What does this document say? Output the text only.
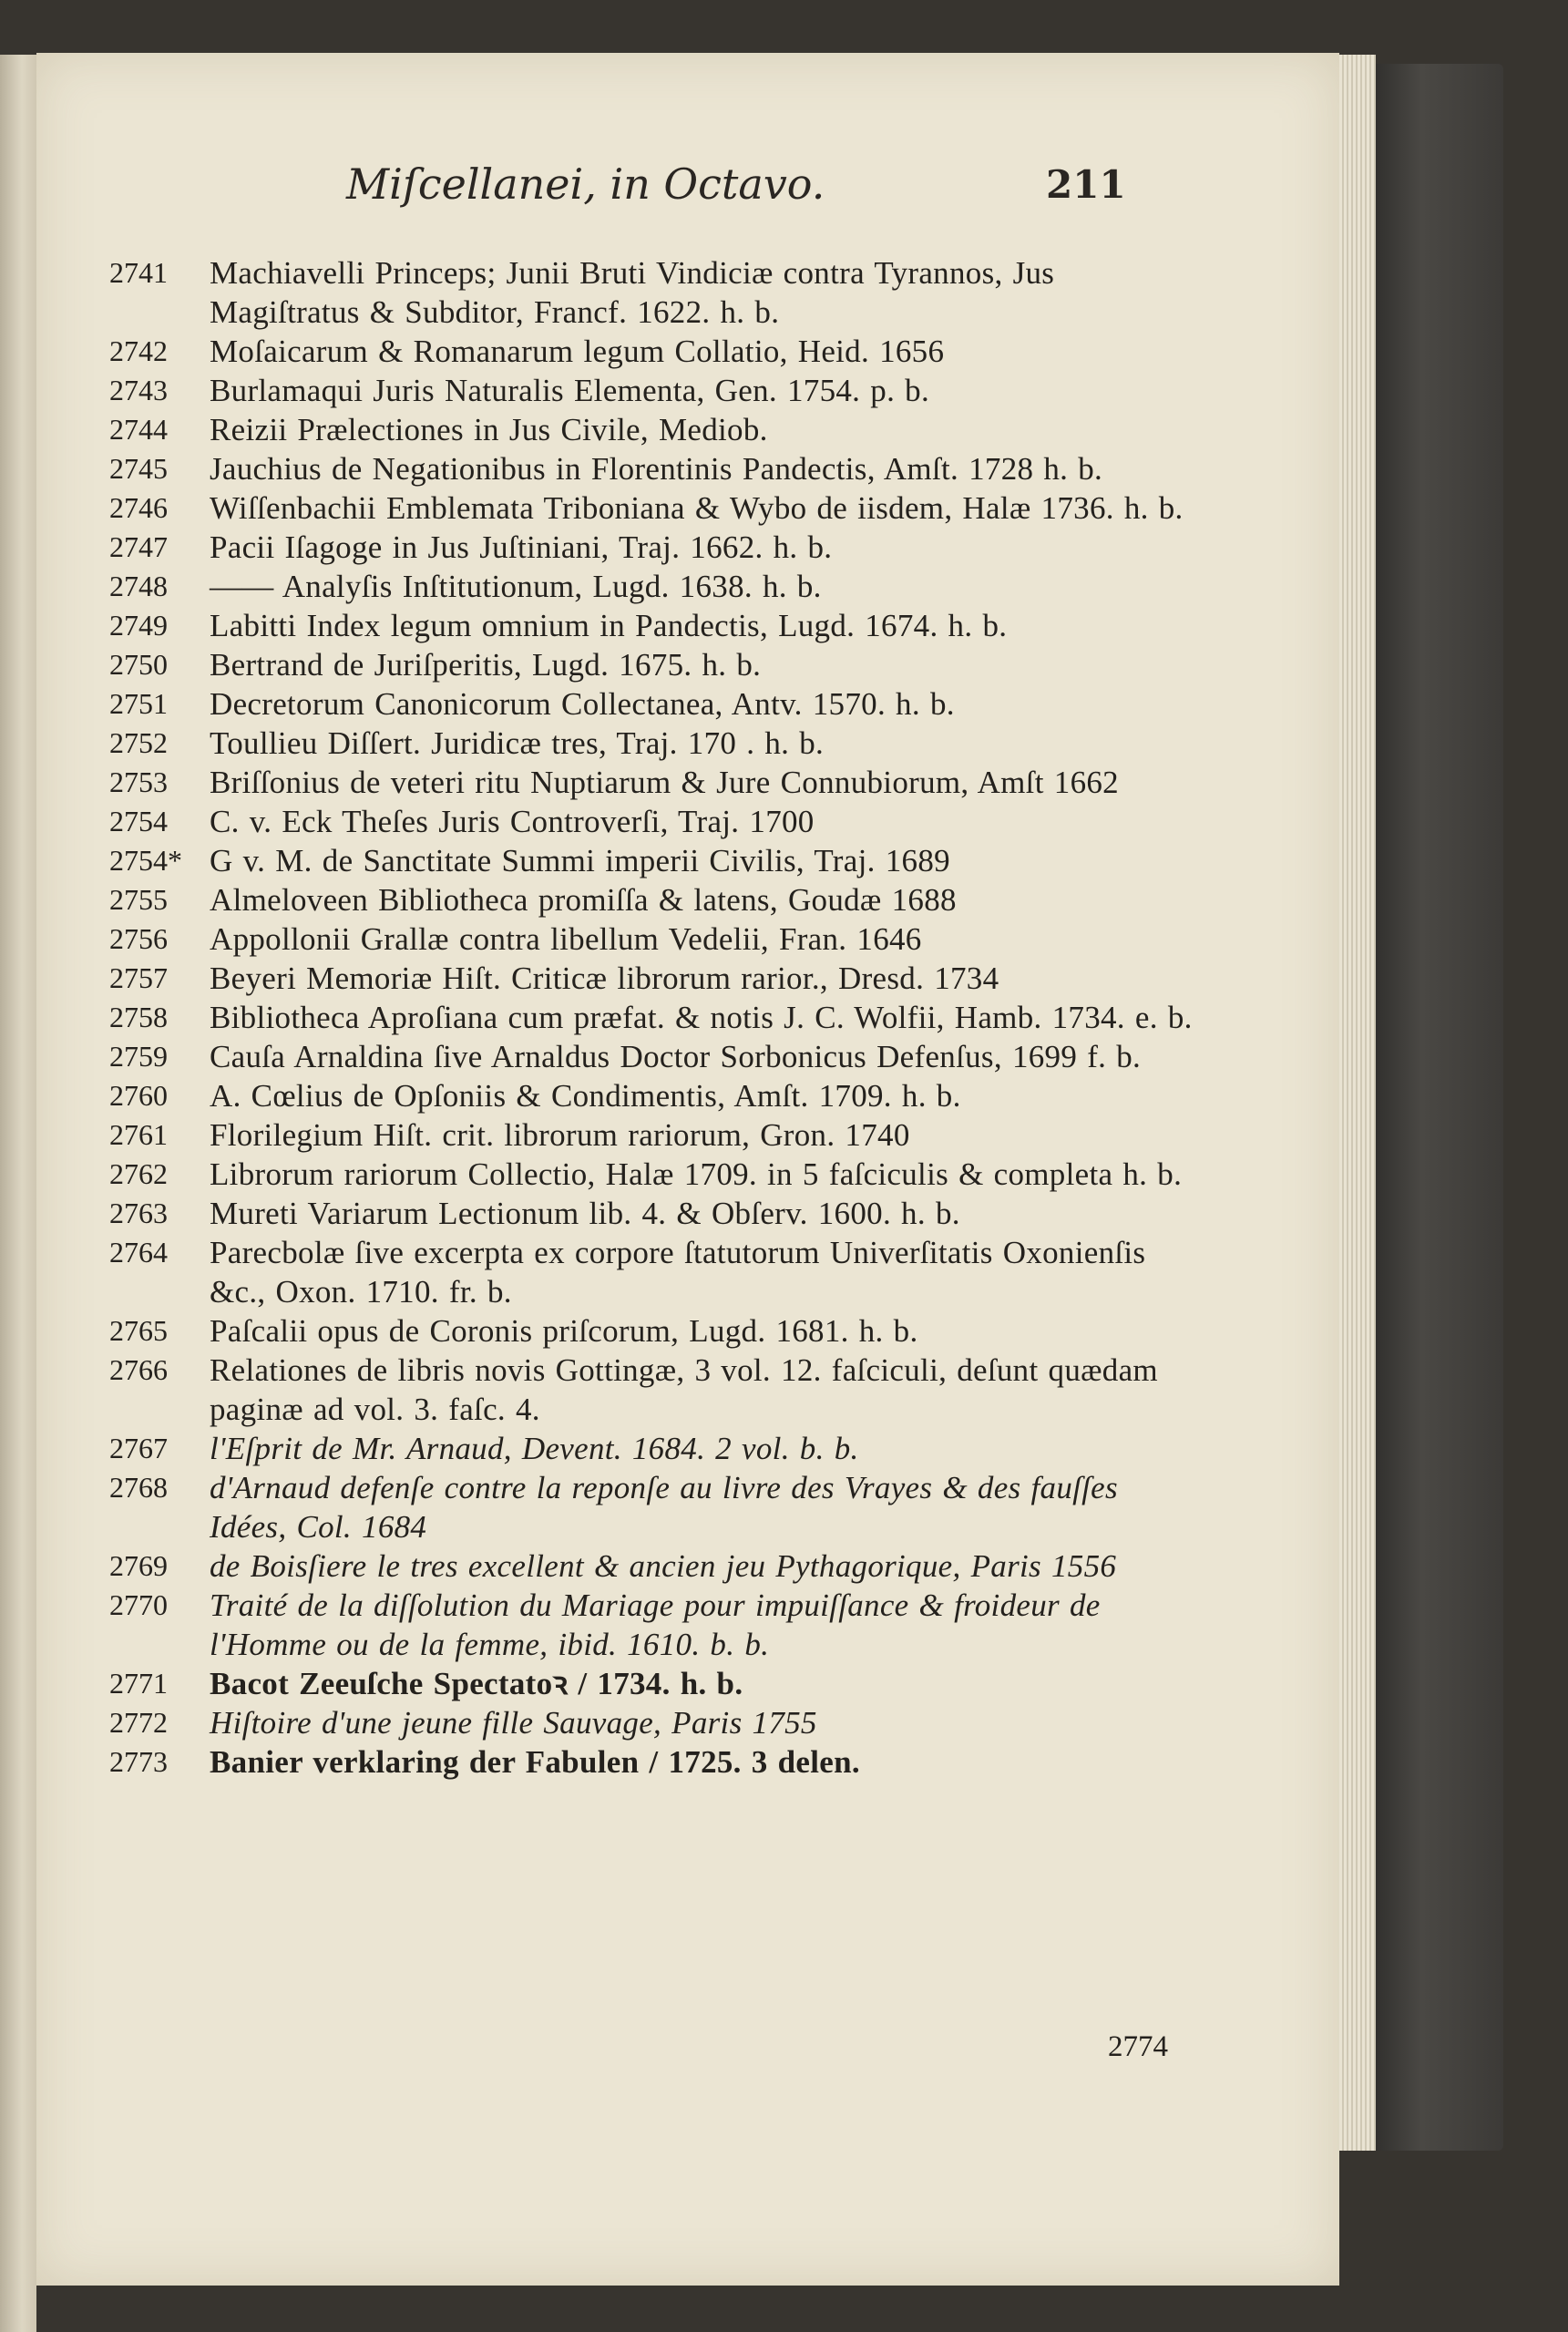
Miſcellanei, in Octavo.	211
2741	Machiavelli Princeps; Junii Bruti Vindiciæ contra Tyrannos, Jus Magiſtratus & Subditor, Francf. 1622. h. b.
2742	Moſaicarum & Romanarum legum Collatio, Heid. 1656
2743	Burlamaqui Juris Naturalis Elementa, Gen. 1754. p. b.
2744	Reizii Prælectiones in Jus Civile, Mediob.
2745	Jauchius de Negationibus in Florentinis Pandectis, Amſt. 1728 h. b.
2746	Wiſſenbachii Emblemata Triboniana & Wybo de iisdem, Halæ 1736. h. b.
2747	Pacii Iſagoge in Jus Juſtiniani, Traj. 1662. h. b.
2748	—— Analyſis Inſtitutionum, Lugd. 1638. h. b.
2749	Labitti Index legum omnium in Pandectis, Lugd. 1674. h. b.
2750	Bertrand de Juriſperitis, Lugd. 1675. h. b.
2751	Decretorum Canonicorum Collectanea, Antv. 1570. h. b.
2752	Toullieu Diſſert. Juridicæ tres, Traj. 170 . h. b.
2753	Briſſonius de veteri ritu Nuptiarum & Jure Connubiorum, Amſt 1662
2754	C. v. Eck Theſes Juris Controverſi, Traj. 1700
2754* G v. M. de Sanctitate Summi imperii Civilis, Traj. 1689
2755	Almeloveen Bibliotheca promiſſa & latens, Goudæ 1688
2756	Appollonii Grallæ contra libellum Vedelii, Fran. 1646
2757	Beyeri Memoriæ Hiſt. Criticæ librorum rarior., Dresd. 1734
2758	Bibliotheca Aproſiana cum præfat. & notis J. C. Wolfii, Hamb. 1734. e. b.
2759	Cauſa Arnaldina ſive Arnaldus Doctor Sorbonicus Defenſus, 1699 f. b.
2760	A. Cœlius de Opſoniis & Condimentis, Amſt. 1709. h. b.
2761	Florilegium Hiſt. crit. librorum rariorum, Gron. 1740
2762	Librorum rariorum Collectio, Halæ 1709. in 5 faſciculis & completa h. b.
2763	Mureti Variarum Lectionum lib. 4. & Obſerv. 1600. h. b.
2764	Parecbolæ ſive excerpta ex corpore ſtatutorum Univerſitatis Oxonienſis &c., Oxon. 1710. fr. b.
2765	Paſcalii opus de Coronis priſcorum, Lugd. 1681. h. b.
2766	Relationes de libris novis Gottingæ, 3 vol. 12. faſciculi, deſunt quædam paginæ ad vol. 3. faſc. 4.
2767	l'Eſprit de Mr. Arnaud, Devent. 1684. 2 vol. b. b.
2768	d'Arnaud defenſe contre la reponſe au livre des Vrayes & des fauſſes Idées, Col. 1684
2769	de Boisſiere le tres excellent & ancien jeu Pythagorique, Paris 1556
2770	Traité de la diſſolution du Mariage pour impuiſſance & froideur de l'Homme ou de la femme, ibid. 1610. b. b.
2771	Bacot Zeeuſche Spectatoꝛ / 1734. h. b.
2772	Hiſtoire d'une jeune fille Sauvage, Paris 1755
2773	Banier verklaring der Fabulen / 1725. 3 delen.
2774
